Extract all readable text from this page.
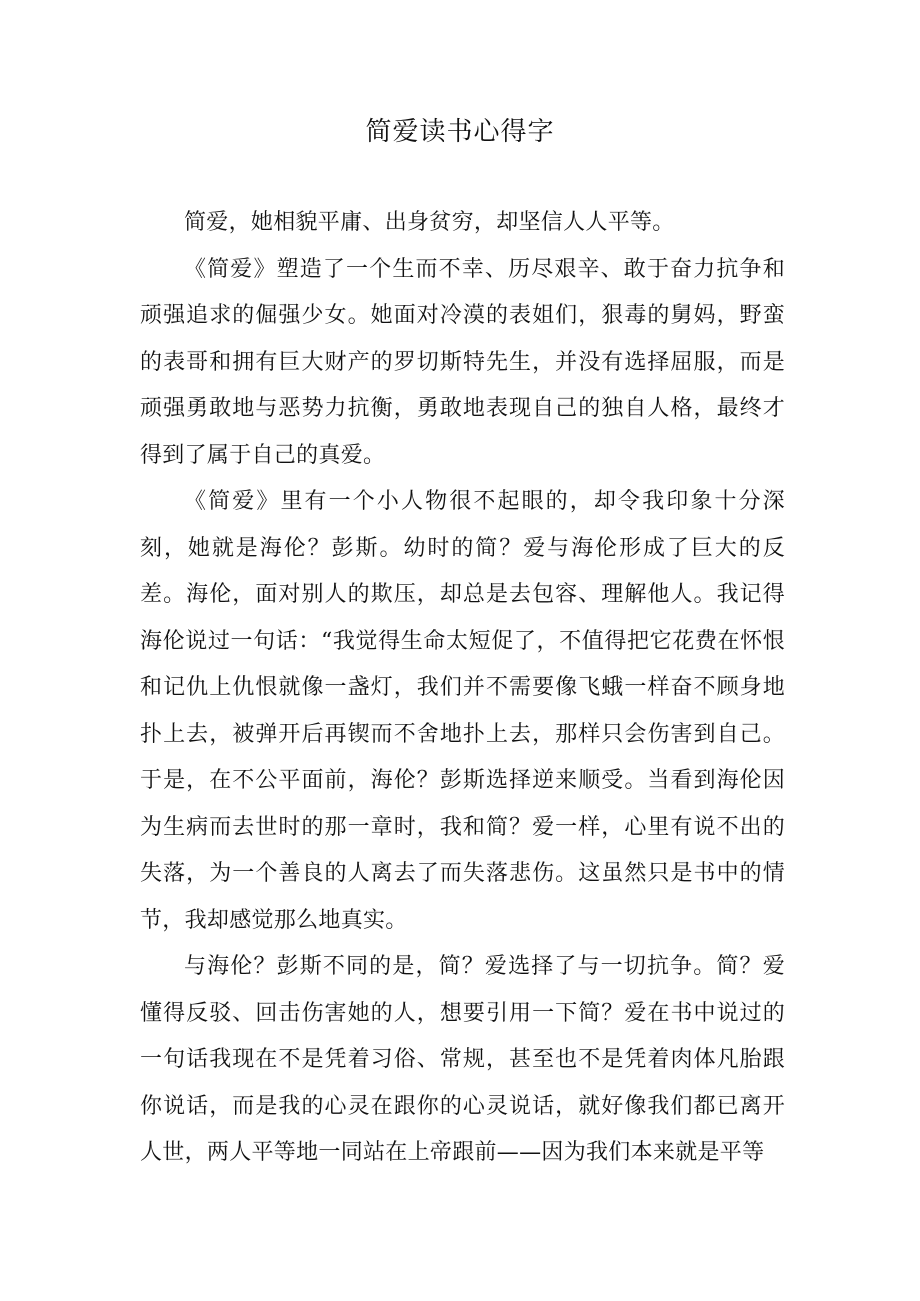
简爱读书心得字

简爱，她相貌平庸、出身贫穷，却坚信人人平等。

《简爱》塑造了一个生而不幸、历尽艰辛、敢于奋力抗争和顽强追求的倔强少女。她面对冷漠的表姐们，狠毒的舅妈，野蛮的表哥和拥有巨大财产的罗切斯特先生，并没有选择屈服，而是顽强勇敢地与恶势力抗衡，勇敢地表现自己的独自人格，最终才得到了属于自己的真爱。

《简爱》里有一个小人物很不起眼的，却令我印象十分深刻，她就是海伦？彭斯。幼时的简？爱与海伦形成了巨大的反差。海伦，面对别人的欺压，却总是去包容、理解他人。我记得海伦说过一句话：“我觉得生命太短促了，不值得把它花费在怀恨和记仇上仇恨就像一盏灯，我们并不需要像飞蛾一样奋不顾身地扑上去，被弹开后再锲而不舍地扑上去，那样只会伤害到自己。于是，在不公平面前，海伦？彭斯选择逆来顺受。当看到海伦因为生病而去世时的那一章时，我和简？爱一样，心里有说不出的失落，为一个善良的人离去了而失落悲伤。这虽然只是书中的情节，我却感觉那么地真实。

与海伦？彭斯不同的是，简？爱选择了与一切抗争。简？爱懂得反驳、回击伤害她的人，想要引用一下简？爱在书中说过的一句话我现在不是凭着习俗、常规，甚至也不是凭着肉体凡胎跟你说话，而是我的心灵在跟你的心灵说话，就好像我们都已离开人世，两人平等地一同站在上帝跟前——因为我们本来就是平等
